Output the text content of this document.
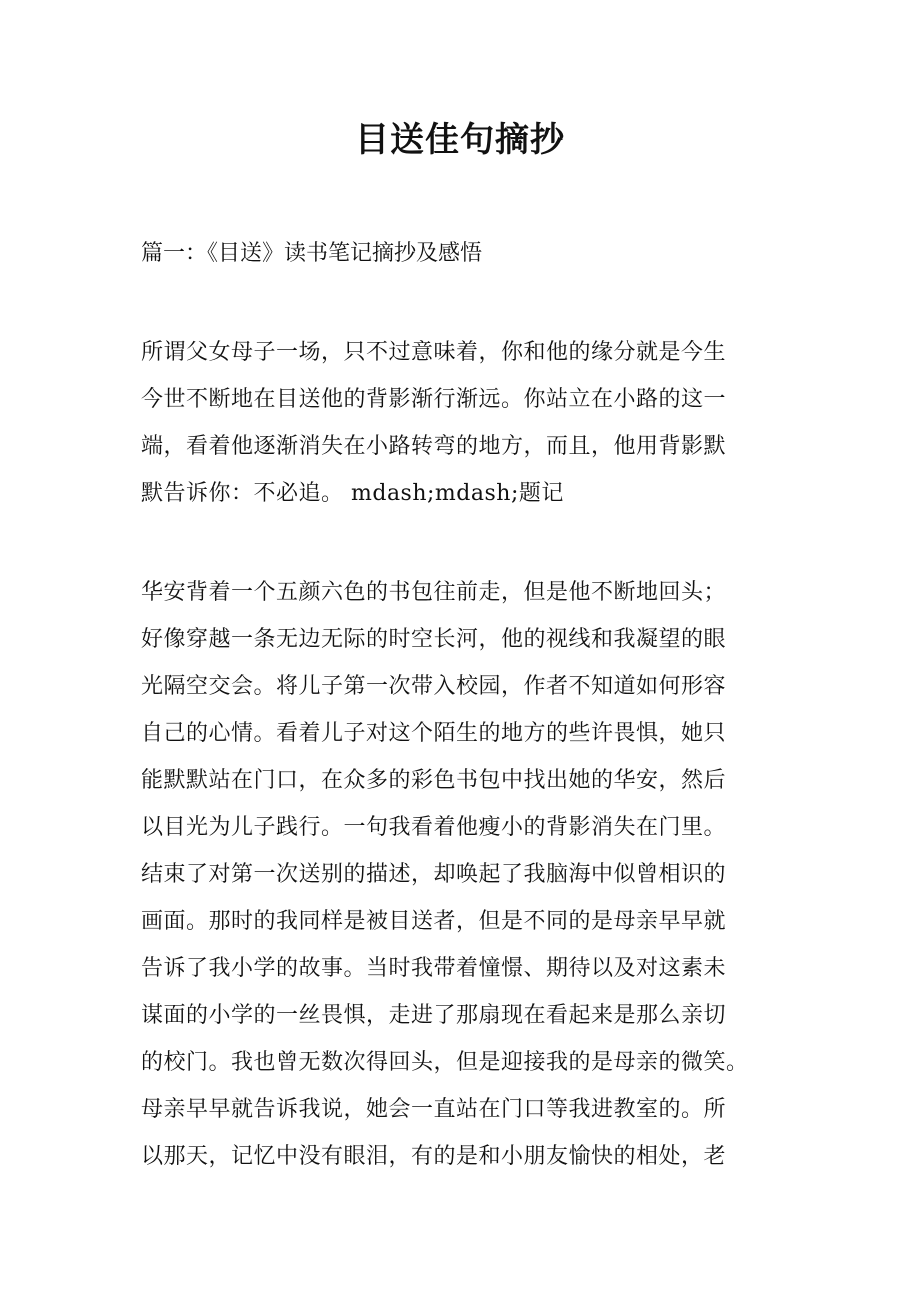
目送佳句摘抄
篇一：《目送》读书笔记摘抄及感悟
所谓父女母子一场，只不过意味着，你和他的缘分就是今生
今世不断地在目送他的背影渐行渐远。你站立在小路的这一
端，看着他逐渐消失在小路转弯的地方，而且，他用背影默
默告诉你：不必追。 mdash;mdash;题记
华安背着一个五颜六色的书包往前走，但是他不断地回头；
好像穿越一条无边无际的时空长河，他的视线和我凝望的眼
光隔空交会。将儿子第一次带入校园，作者不知道如何形容
自己的心情。看着儿子对这个陌生的地方的些许畏惧，她只
能默默站在门口，在众多的彩色书包中找出她的华安，然后
以目光为儿子践行。一句我看着他瘦小的背影消失在门里。
结束了对第一次送别的描述，却唤起了我脑海中似曾相识的
画面。那时的我同样是被目送者，但是不同的是母亲早早就
告诉了我小学的故事。当时我带着憧憬、期待以及对这素未
谋面的小学的一丝畏惧，走进了那扇现在看起来是那么亲切
的校门。我也曾无数次得回头，但是迎接我的是母亲的微笑。
母亲早早就告诉我说，她会一直站在门口等我进教室的。所
以那天，记忆中没有眼泪，有的是和小朋友愉快的相处，老
